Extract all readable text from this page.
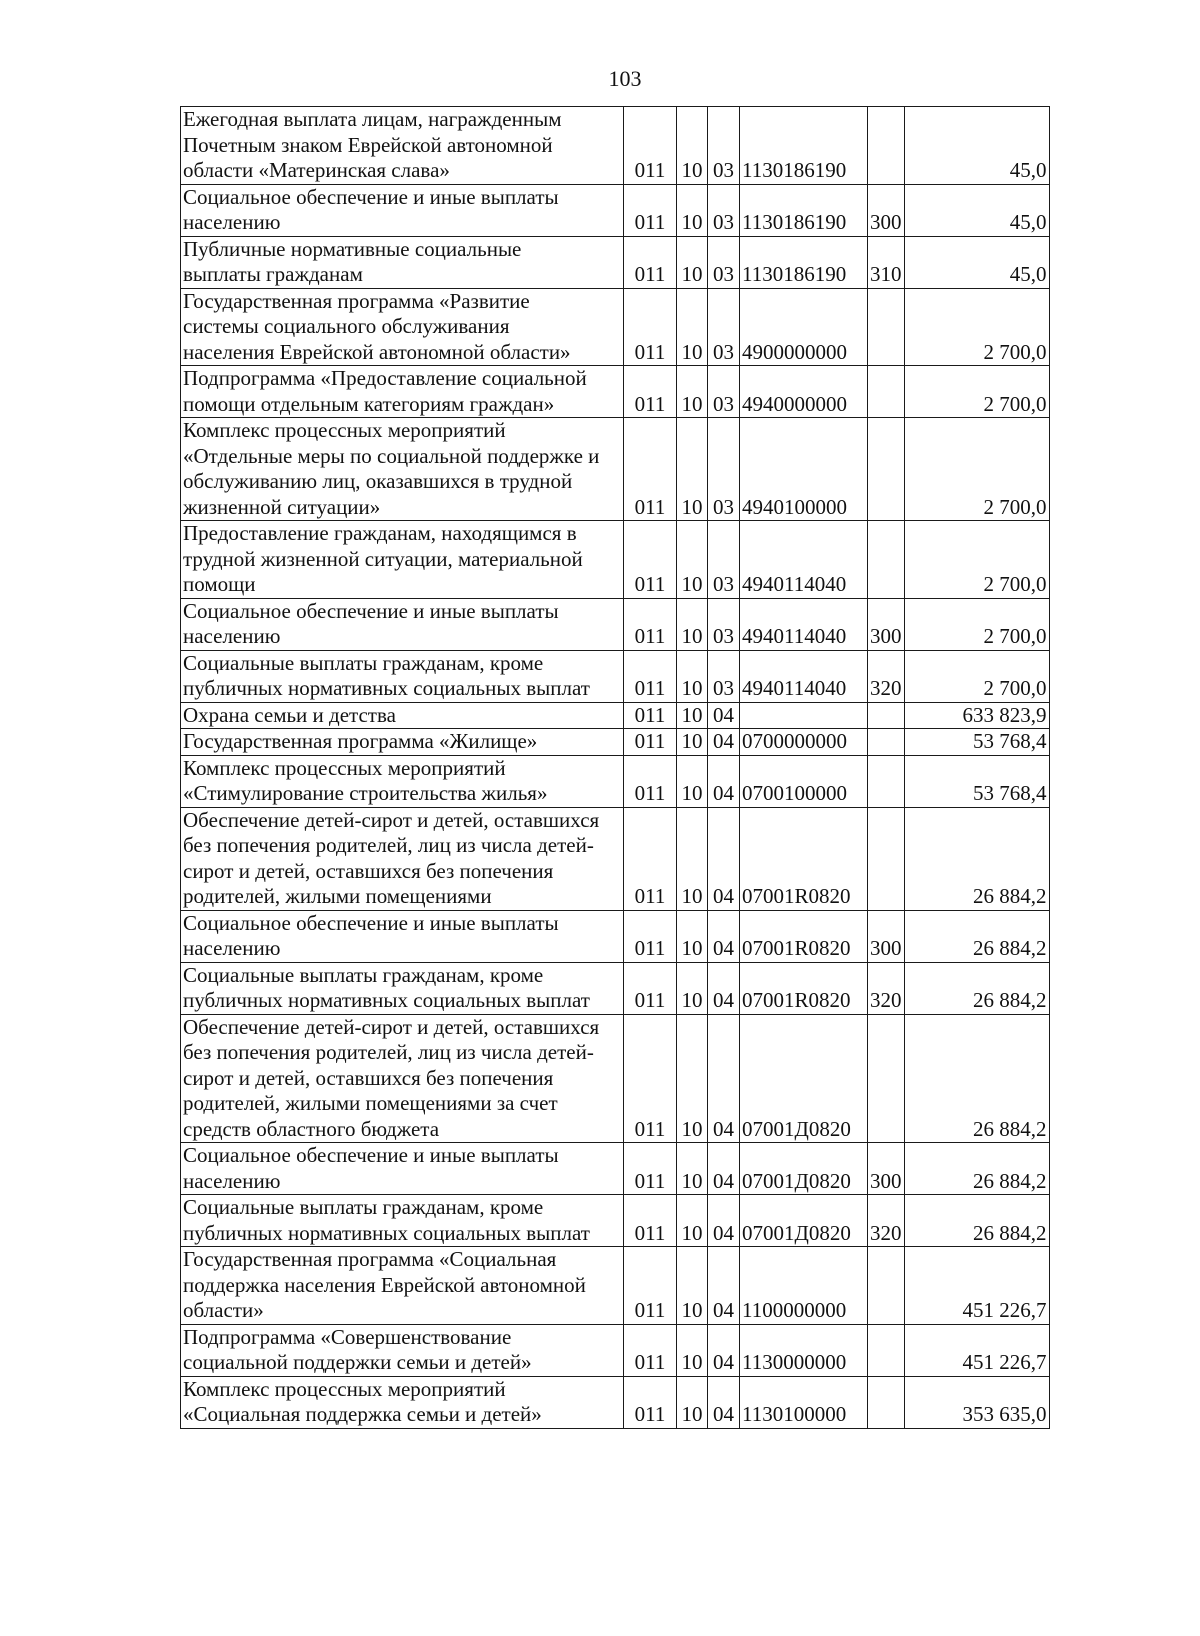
103
Ежегодная выплата лицам, награжденным
Почетным знаком Еврейской автономной
области «Материнская слава»	011	10	03	1130186190		45,0

Социальное обеспечение и иные выплаты
населению	011	10	03	1130186190	300	45,0

Публичные нормативные социальные
выплаты гражданам	011	10	03	1130186190	310	45,0

Государственная программа «Развитие
системы социального обслуживания
населения Еврейской автономной области»	011	10	03	4900000000		2 700,0

Подпрограмма «Предоставление социальной
помощи отдельным категориям граждан»	011	10	03	4940000000		2 700,0

Комплекс процессных мероприятий
«Отдельные меры по социальной поддержке и
обслуживанию лиц, оказавшихся в трудной
жизненной ситуации»	011	10	03	4940100000		2 700,0

Предоставление гражданам, находящимся в
трудной жизненной ситуации, материальной
помощи	011	10	03	4940114040		2 700,0

Социальное обеспечение и иные выплаты
населению	011	10	03	4940114040	300	2 700,0

Социальные выплаты гражданам, кроме
публичных нормативных социальных выплат	011	10	03	4940114040	320	2 700,0

Охрана семьи и детства	011	10	04			633 823,9

Государственная программа «Жилище»	011	10	04	0700000000		53 768,4

Комплекс процессных мероприятий
«Стимулирование строительства жилья»	011	10	04	0700100000		53 768,4

Обеспечение детей-сирот и детей, оставшихся
без попечения родителей, лиц из числа детей-
сирот и детей, оставшихся без попечения
родителей, жилыми помещениями	011	10	04	07001R0820		26 884,2

Социальное обеспечение и иные выплаты
населению	011	10	04	07001R0820	300	26 884,2

Социальные выплаты гражданам, кроме
публичных нормативных социальных выплат	011	10	04	07001R0820	320	26 884,2

Обеспечение детей-сирот и детей, оставшихся
без попечения родителей, лиц из числа детей-
сирот и детей, оставшихся без попечения
родителей, жилыми помещениями за счет
средств областного бюджета	011	10	04	07001Д0820		26 884,2

Социальное обеспечение и иные выплаты
населению	011	10	04	07001Д0820	300	26 884,2

Социальные выплаты гражданам, кроме
публичных нормативных социальных выплат	011	10	04	07001Д0820	320	26 884,2

Государственная программа «Социальная
поддержка населения Еврейской автономной
области»	011	10	04	1100000000		451 226,7

Подпрограмма «Совершенствование
социальной поддержки семьи и детей»	011	10	04	1130000000		451 226,7

Комплекс процессных мероприятий
«Социальная поддержка семьи и детей»	011	10	04	1130100000		353 635,0
